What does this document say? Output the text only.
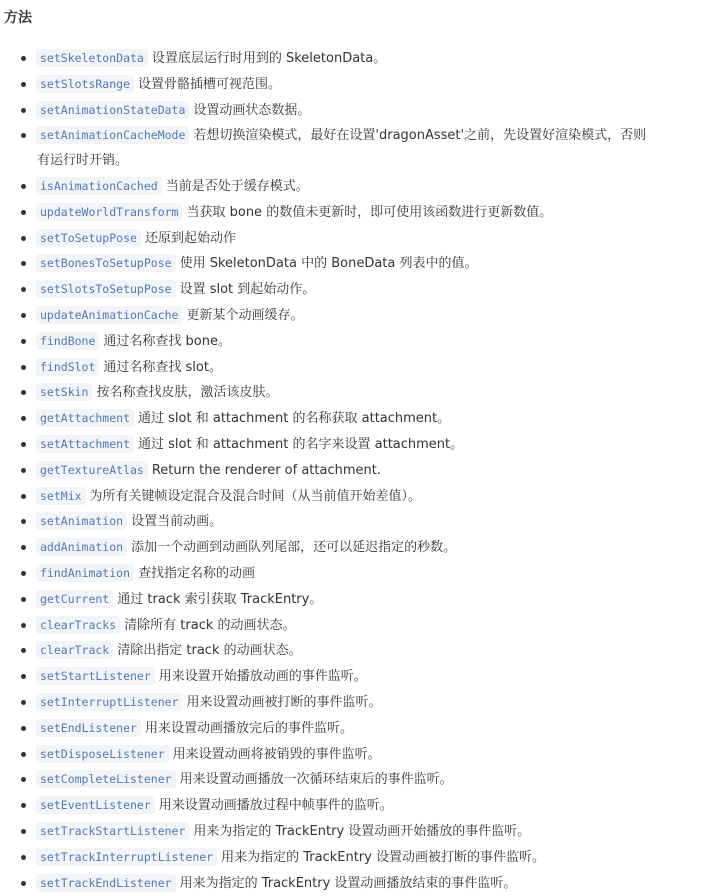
方法
setSkeletonData 设置底层运行时用到的 SkeletonData。
setSlotsRange 设置骨骼插槽可视范围。
setAnimationStateData 设置动画状态数据。
setAnimationCacheMode 若想切换渲染模式，最好在设置'dragonAsset'之前，先设置好渲染模式，否则
有运行时开销。
isAnimationCached 当前是否处于缓存模式。
updateWorldTransform 当获取 bone 的数值未更新时，即可使用该函数进行更新数值。
setToSetupPose 还原到起始动作
setBonesToSetupPose 使用 SkeletonData 中的 BoneData 列表中的值。
setSlotsToSetupPose 设置 slot 到起始动作。
updateAnimationCache 更新某个动画缓存。
findBone 通过名称查找 bone。
findSlot 通过名称查找 slot。
setSkin 按名称查找皮肤，激活该皮肤。
getAttachment 通过 slot 和 attachment 的名称获取 attachment。
setAttachment 通过 slot 和 attachment 的名字来设置 attachment。
getTextureAtlas Return the renderer of attachment.
setMix 为所有关键帧设定混合及混合时间（从当前值开始差值）。
setAnimation 设置当前动画。
addAnimation 添加一个动画到动画队列尾部，还可以延迟指定的秒数。
findAnimation 查找指定名称的动画
getCurrent 通过 track 索引获取 TrackEntry。
clearTracks 清除所有 track 的动画状态。
clearTrack 清除出指定 track 的动画状态。
setStartListener 用来设置开始播放动画的事件监听。
setInterruptListener 用来设置动画被打断的事件监听。
setEndListener 用来设置动画播放完后的事件监听。
setDisposeListener 用来设置动画将被销毁的事件监听。
setCompleteListener 用来设置动画播放一次循环结束后的事件监听。
setEventListener 用来设置动画播放过程中帧事件的监听。
setTrackStartListener 用来为指定的 TrackEntry 设置动画开始播放的事件监听。
setTrackInterruptListener 用来为指定的 TrackEntry 设置动画被打断的事件监听。
setTrackEndListener 用来为指定的 TrackEntry 设置动画播放结束的事件监听。
